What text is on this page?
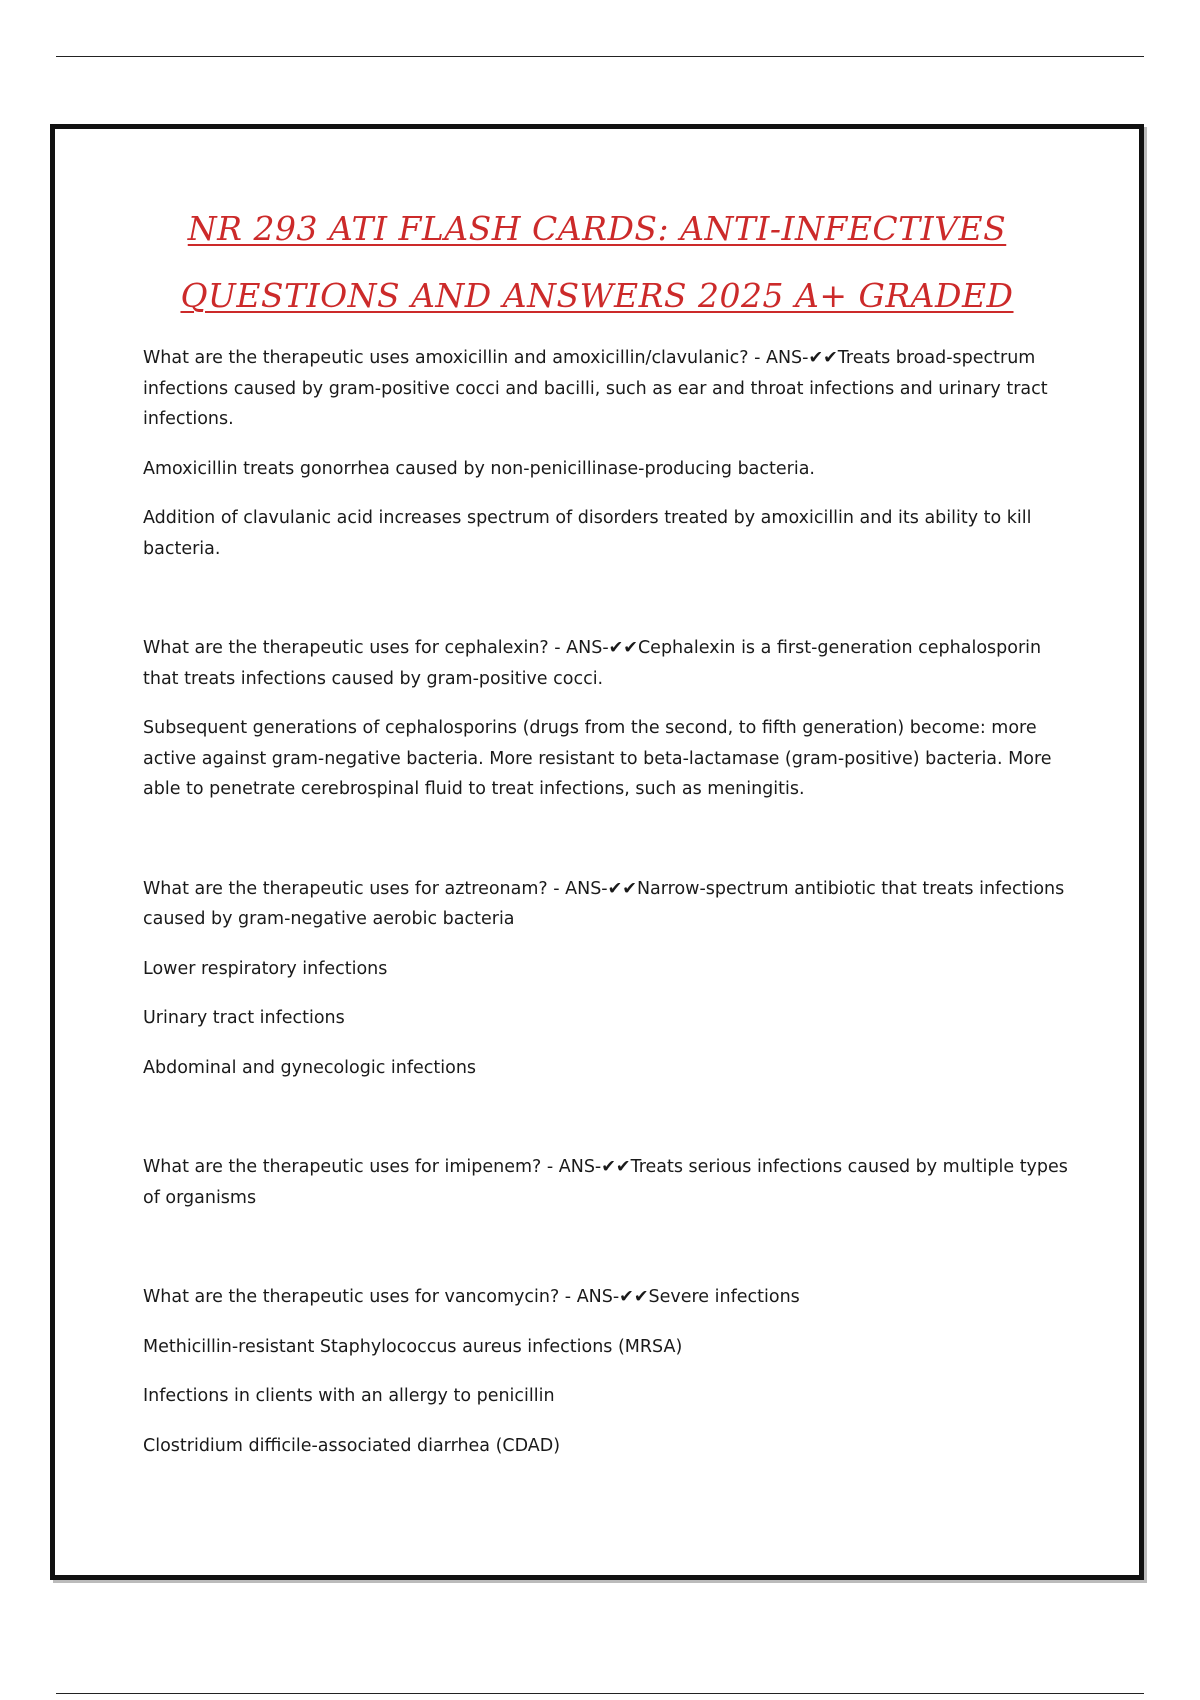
NR 293 ATI FLASH CARDS: ANTI-INFECTIVES
QUESTIONS AND ANSWERS 2025 A+ GRADED

What are the therapeutic uses amoxicillin and amoxicillin/clavulanic? - ANS-✔✔Treats broad-spectrum infections caused by gram-positive cocci and bacilli, such as ear and throat infections and urinary tract infections.

Amoxicillin treats gonorrhea caused by non-penicillinase-producing bacteria.

Addition of clavulanic acid increases spectrum of disorders treated by amoxicillin and its ability to kill bacteria.

What are the therapeutic uses for cephalexin? - ANS-✔✔Cephalexin is a first-generation cephalosporin that treats infections caused by gram-positive cocci.

Subsequent generations of cephalosporins (drugs from the second, to fifth generation) become: more active against gram-negative bacteria. More resistant to beta-lactamase (gram-positive) bacteria. More able to penetrate cerebrospinal fluid to treat infections, such as meningitis.

What are the therapeutic uses for aztreonam? - ANS-✔✔Narrow-spectrum antibiotic that treats infections caused by gram-negative aerobic bacteria

Lower respiratory infections

Urinary tract infections

Abdominal and gynecologic infections

What are the therapeutic uses for imipenem? - ANS-✔✔Treats serious infections caused by multiple types of organisms

What are the therapeutic uses for vancomycin? - ANS-✔✔Severe infections

Methicillin-resistant Staphylococcus aureus infections (MRSA)

Infections in clients with an allergy to penicillin

Clostridium difficile-associated diarrhea (CDAD)
